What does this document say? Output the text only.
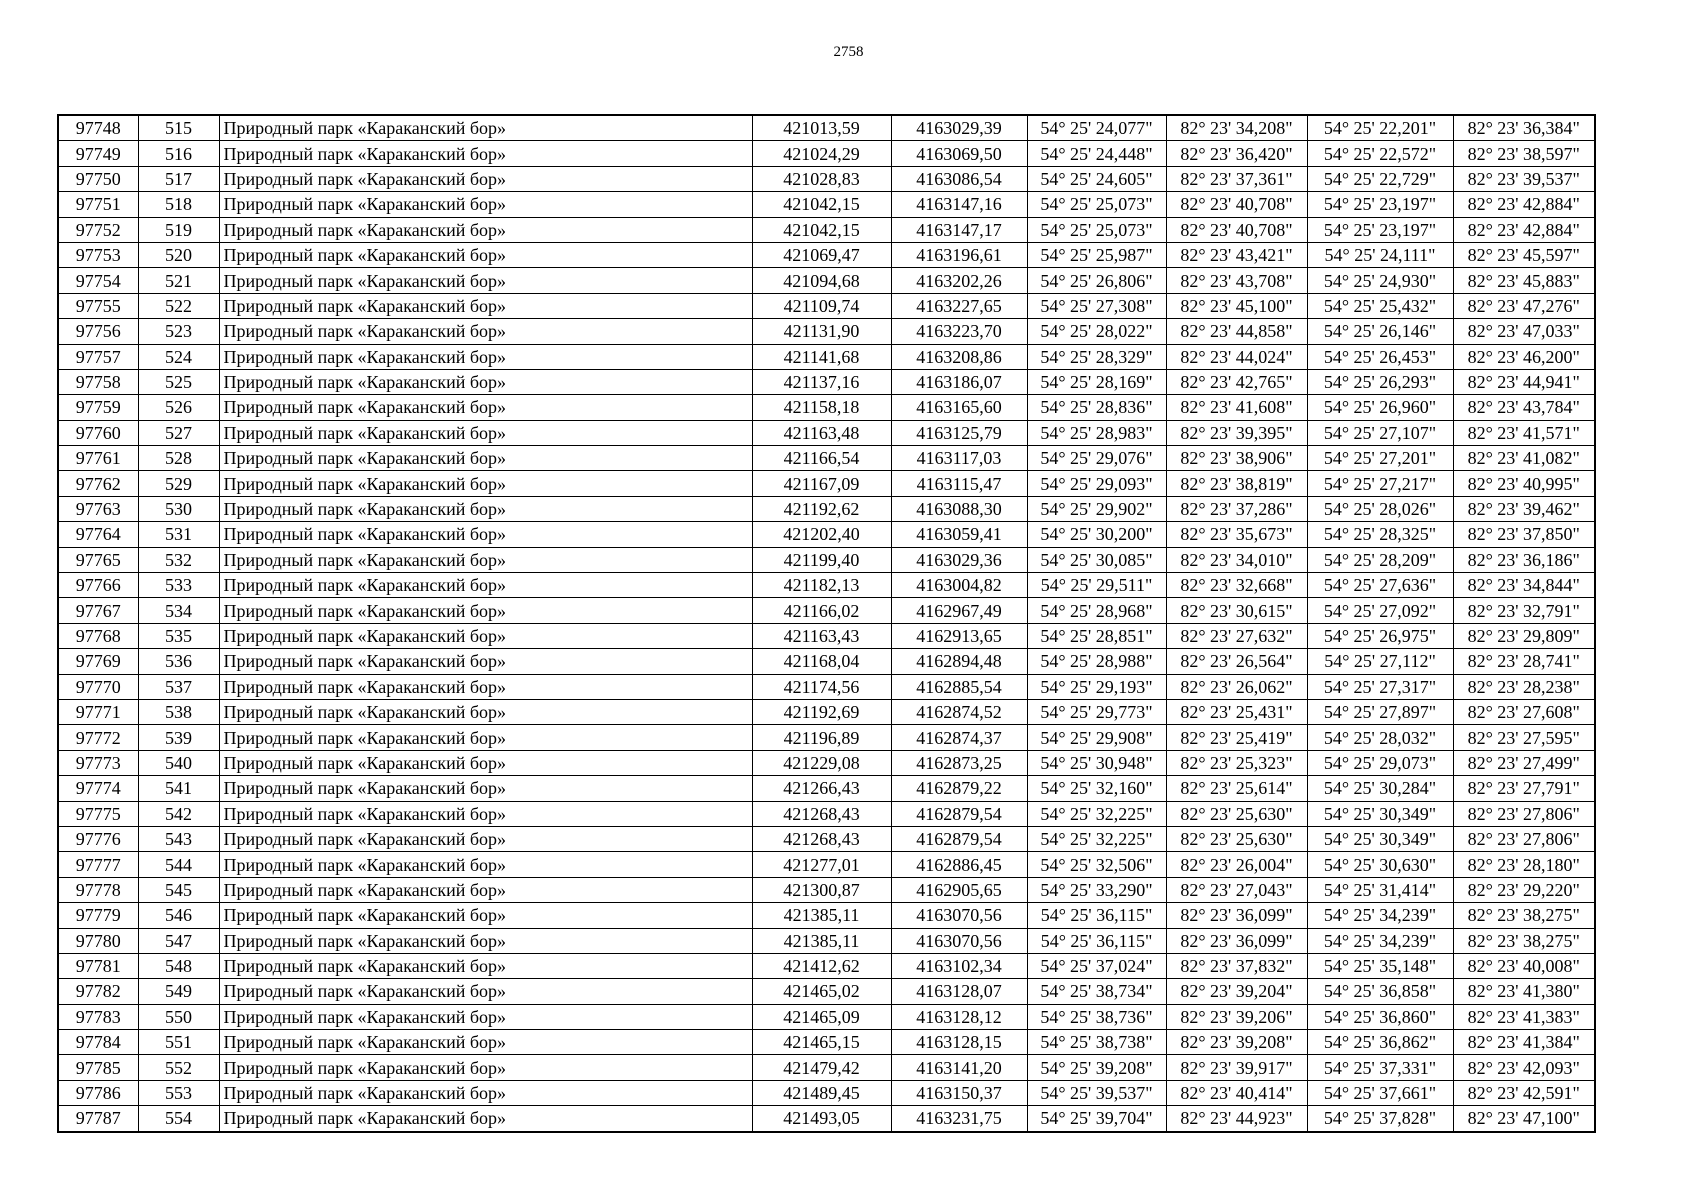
2758
97748	515	Природный парк «Караканский бор»	421013,59	4163029,39	54° 25' 24,077"	82° 23' 34,208"	54° 25' 22,201"	82° 23' 36,384"
97749	516	Природный парк «Караканский бор»	421024,29	4163069,50	54° 25' 24,448"	82° 23' 36,420"	54° 25' 22,572"	82° 23' 38,597"
97750	517	Природный парк «Караканский бор»	421028,83	4163086,54	54° 25' 24,605"	82° 23' 37,361"	54° 25' 22,729"	82° 23' 39,537"
97751	518	Природный парк «Караканский бор»	421042,15	4163147,16	54° 25' 25,073"	82° 23' 40,708"	54° 25' 23,197"	82° 23' 42,884"
97752	519	Природный парк «Караканский бор»	421042,15	4163147,17	54° 25' 25,073"	82° 23' 40,708"	54° 25' 23,197"	82° 23' 42,884"
97753	520	Природный парк «Караканский бор»	421069,47	4163196,61	54° 25' 25,987"	82° 23' 43,421"	54° 25' 24,111"	82° 23' 45,597"
97754	521	Природный парк «Караканский бор»	421094,68	4163202,26	54° 25' 26,806"	82° 23' 43,708"	54° 25' 24,930"	82° 23' 45,883"
97755	522	Природный парк «Караканский бор»	421109,74	4163227,65	54° 25' 27,308"	82° 23' 45,100"	54° 25' 25,432"	82° 23' 47,276"
97756	523	Природный парк «Караканский бор»	421131,90	4163223,70	54° 25' 28,022"	82° 23' 44,858"	54° 25' 26,146"	82° 23' 47,033"
97757	524	Природный парк «Караканский бор»	421141,68	4163208,86	54° 25' 28,329"	82° 23' 44,024"	54° 25' 26,453"	82° 23' 46,200"
97758	525	Природный парк «Караканский бор»	421137,16	4163186,07	54° 25' 28,169"	82° 23' 42,765"	54° 25' 26,293"	82° 23' 44,941"
97759	526	Природный парк «Караканский бор»	421158,18	4163165,60	54° 25' 28,836"	82° 23' 41,608"	54° 25' 26,960"	82° 23' 43,784"
97760	527	Природный парк «Караканский бор»	421163,48	4163125,79	54° 25' 28,983"	82° 23' 39,395"	54° 25' 27,107"	82° 23' 41,571"
97761	528	Природный парк «Караканский бор»	421166,54	4163117,03	54° 25' 29,076"	82° 23' 38,906"	54° 25' 27,201"	82° 23' 41,082"
97762	529	Природный парк «Караканский бор»	421167,09	4163115,47	54° 25' 29,093"	82° 23' 38,819"	54° 25' 27,217"	82° 23' 40,995"
97763	530	Природный парк «Караканский бор»	421192,62	4163088,30	54° 25' 29,902"	82° 23' 37,286"	54° 25' 28,026"	82° 23' 39,462"
97764	531	Природный парк «Караканский бор»	421202,40	4163059,41	54° 25' 30,200"	82° 23' 35,673"	54° 25' 28,325"	82° 23' 37,850"
97765	532	Природный парк «Караканский бор»	421199,40	4163029,36	54° 25' 30,085"	82° 23' 34,010"	54° 25' 28,209"	82° 23' 36,186"
97766	533	Природный парк «Караканский бор»	421182,13	4163004,82	54° 25' 29,511"	82° 23' 32,668"	54° 25' 27,636"	82° 23' 34,844"
97767	534	Природный парк «Караканский бор»	421166,02	4162967,49	54° 25' 28,968"	82° 23' 30,615"	54° 25' 27,092"	82° 23' 32,791"
97768	535	Природный парк «Караканский бор»	421163,43	4162913,65	54° 25' 28,851"	82° 23' 27,632"	54° 25' 26,975"	82° 23' 29,809"
97769	536	Природный парк «Караканский бор»	421168,04	4162894,48	54° 25' 28,988"	82° 23' 26,564"	54° 25' 27,112"	82° 23' 28,741"
97770	537	Природный парк «Караканский бор»	421174,56	4162885,54	54° 25' 29,193"	82° 23' 26,062"	54° 25' 27,317"	82° 23' 28,238"
97771	538	Природный парк «Караканский бор»	421192,69	4162874,52	54° 25' 29,773"	82° 23' 25,431"	54° 25' 27,897"	82° 23' 27,608"
97772	539	Природный парк «Караканский бор»	421196,89	4162874,37	54° 25' 29,908"	82° 23' 25,419"	54° 25' 28,032"	82° 23' 27,595"
97773	540	Природный парк «Караканский бор»	421229,08	4162873,25	54° 25' 30,948"	82° 23' 25,323"	54° 25' 29,073"	82° 23' 27,499"
97774	541	Природный парк «Караканский бор»	421266,43	4162879,22	54° 25' 32,160"	82° 23' 25,614"	54° 25' 30,284"	82° 23' 27,791"
97775	542	Природный парк «Караканский бор»	421268,43	4162879,54	54° 25' 32,225"	82° 23' 25,630"	54° 25' 30,349"	82° 23' 27,806"
97776	543	Природный парк «Караканский бор»	421268,43	4162879,54	54° 25' 32,225"	82° 23' 25,630"	54° 25' 30,349"	82° 23' 27,806"
97777	544	Природный парк «Караканский бор»	421277,01	4162886,45	54° 25' 32,506"	82° 23' 26,004"	54° 25' 30,630"	82° 23' 28,180"
97778	545	Природный парк «Караканский бор»	421300,87	4162905,65	54° 25' 33,290"	82° 23' 27,043"	54° 25' 31,414"	82° 23' 29,220"
97779	546	Природный парк «Караканский бор»	421385,11	4163070,56	54° 25' 36,115"	82° 23' 36,099"	54° 25' 34,239"	82° 23' 38,275"
97780	547	Природный парк «Караканский бор»	421385,11	4163070,56	54° 25' 36,115"	82° 23' 36,099"	54° 25' 34,239"	82° 23' 38,275"
97781	548	Природный парк «Караканский бор»	421412,62	4163102,34	54° 25' 37,024"	82° 23' 37,832"	54° 25' 35,148"	82° 23' 40,008"
97782	549	Природный парк «Караканский бор»	421465,02	4163128,07	54° 25' 38,734"	82° 23' 39,204"	54° 25' 36,858"	82° 23' 41,380"
97783	550	Природный парк «Караканский бор»	421465,09	4163128,12	54° 25' 38,736"	82° 23' 39,206"	54° 25' 36,860"	82° 23' 41,383"
97784	551	Природный парк «Караканский бор»	421465,15	4163128,15	54° 25' 38,738"	82° 23' 39,208"	54° 25' 36,862"	82° 23' 41,384"
97785	552	Природный парк «Караканский бор»	421479,42	4163141,20	54° 25' 39,208"	82° 23' 39,917"	54° 25' 37,331"	82° 23' 42,093"
97786	553	Природный парк «Караканский бор»	421489,45	4163150,37	54° 25' 39,537"	82° 23' 40,414"	54° 25' 37,661"	82° 23' 42,591"
97787	554	Природный парк «Караканский бор»	421493,05	4163231,75	54° 25' 39,704"	82° 23' 44,923"	54° 25' 37,828"	82° 23' 47,100"
